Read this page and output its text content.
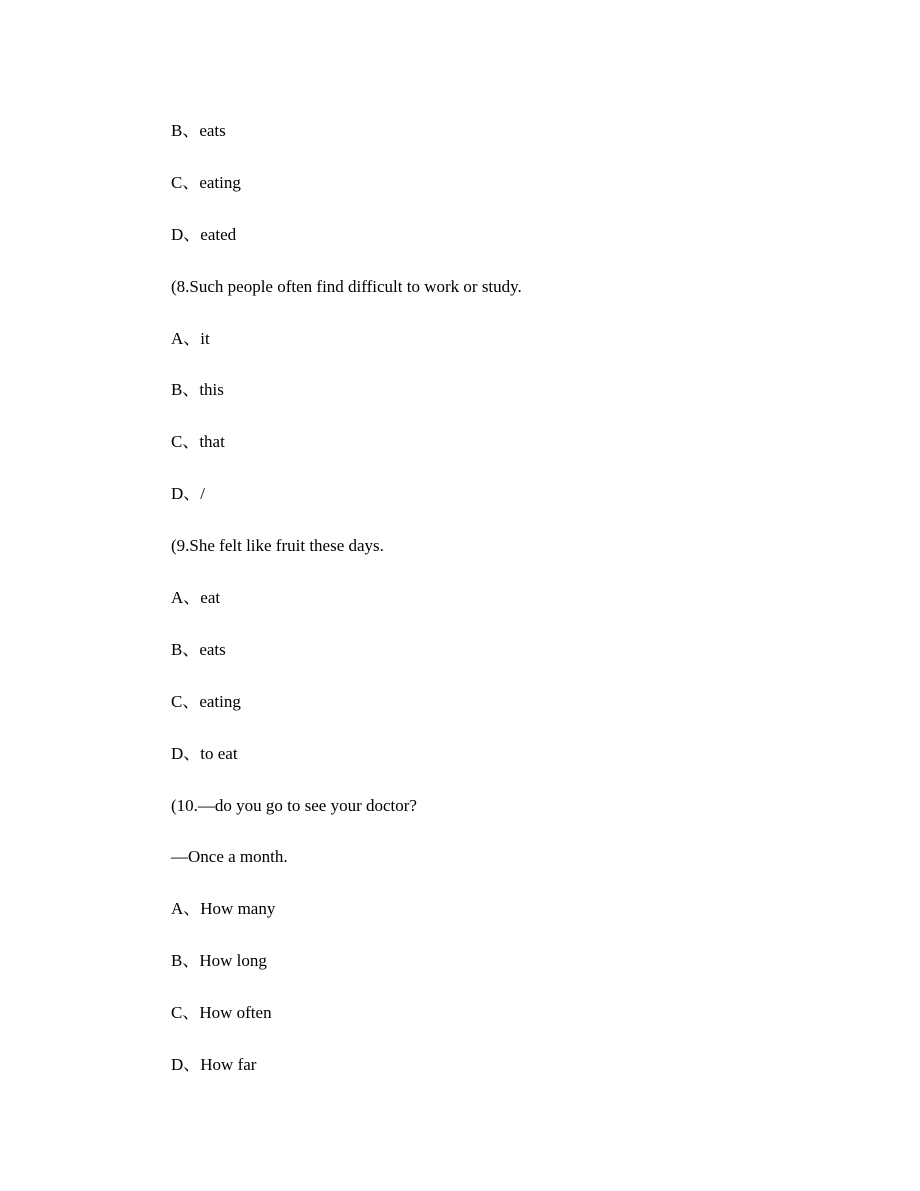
B、eats
C、eating
D、eated
(8.Such people often find difficult to work or study.
A、it
B、this
C、that
D、/
(9.She felt like fruit these days.
A、eat
B、eats
C、eating
D、to eat
(10.—do you go to see your doctor?
—Once a month.
A、How many
B、How long
C、How often
D、How far
